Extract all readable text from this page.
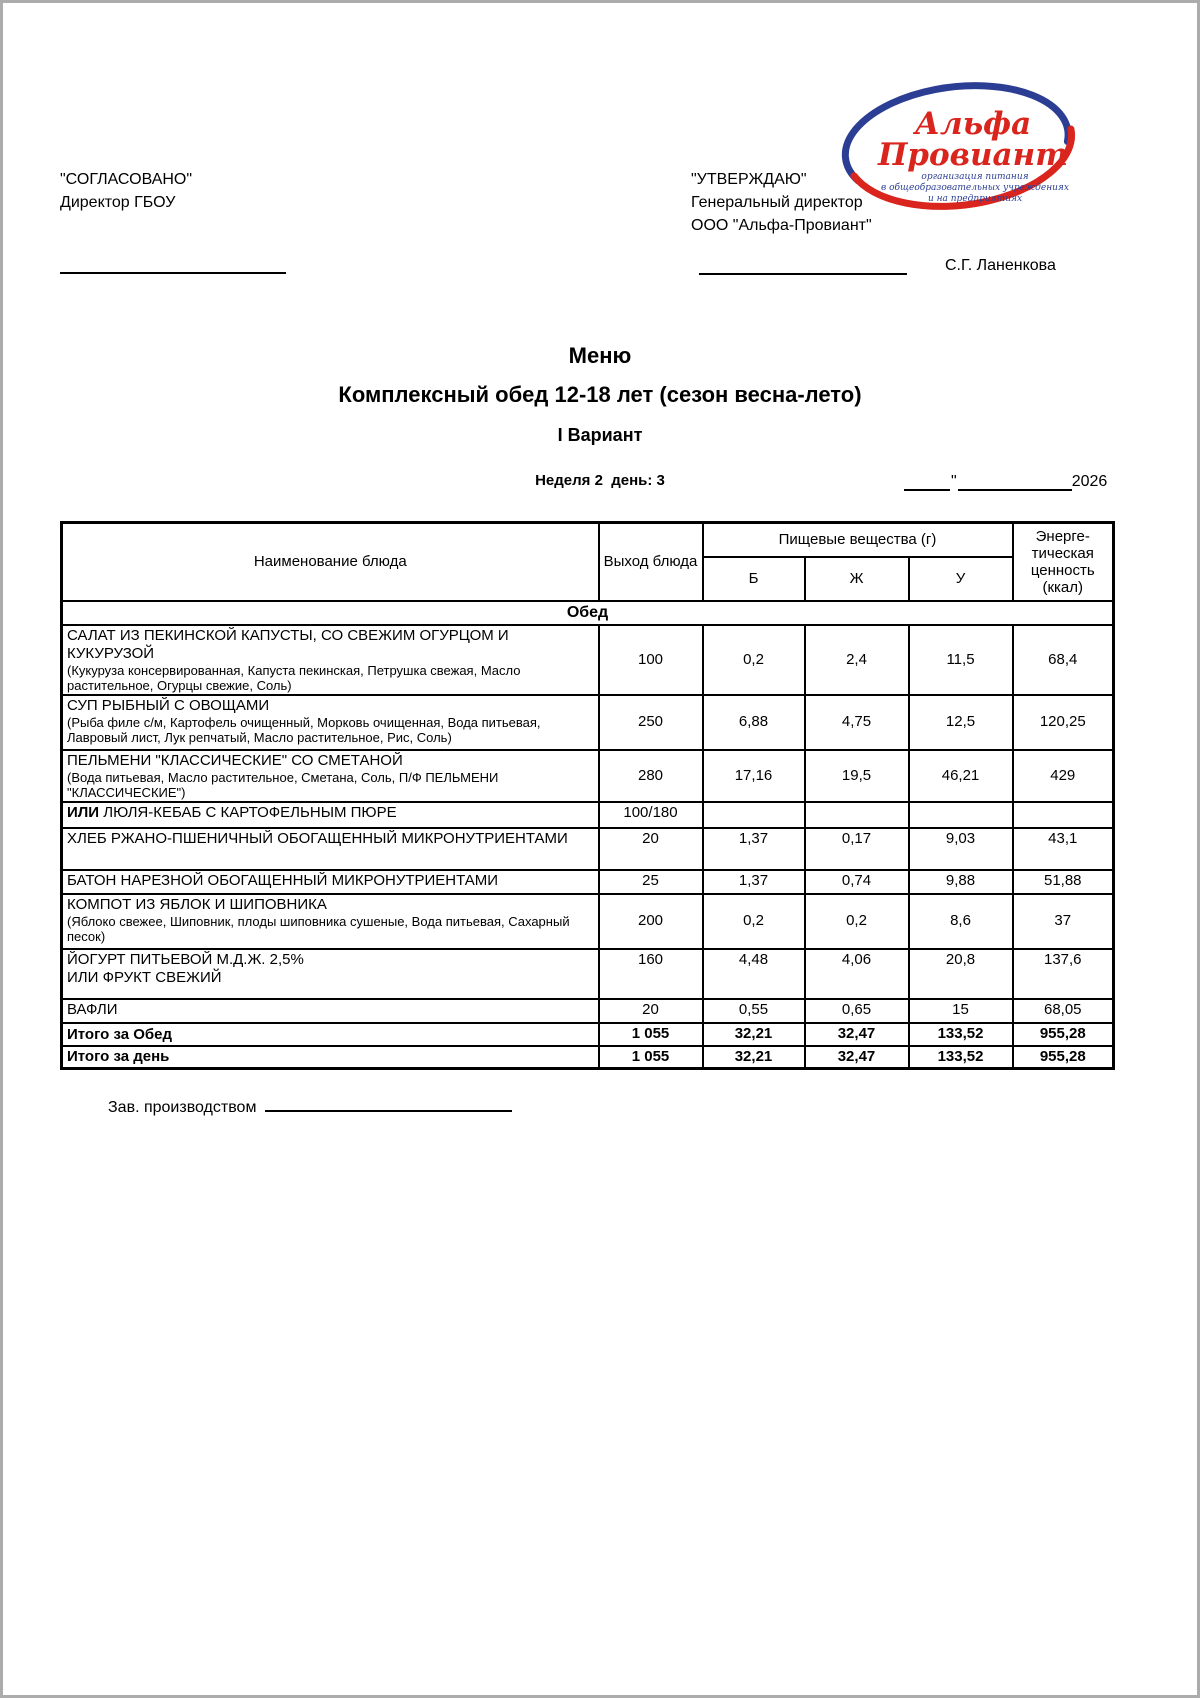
Альфа
Провиант
организация питания
в общеобразовательных учреждениях
и на предприятиях
"СОГЛАСОВАНО"
Директор ГБОУ
"УТВЕРЖДАЮ"
Генеральный директор
ООО "Альфа-Провиант"
С.Г. Ланенкова
Меню
Комплексный обед 12-18 лет (сезон весна-лето)
I Вариант
Неделя 2  день: 3	"	2026
Наименование блюда	Выход блюда	Пищевые вещества (г)			Энерге-тическая ценность (ккал)
		Б	Ж	У	
Обед					

САЛАТ ИЗ ПЕКИНСКОЙ КАПУСТЫ, СО СВЕЖИМ ОГУРЦОМ И КУКУРУЗОЙ
(Кукуруза консервированная, Капуста пекинская, Петрушка свежая, Масло растительное, Огурцы свежие, Соль)	100	0,2	2,4	11,5	68,4

СУП РЫБНЫЙ С ОВОЩАМИ
(Рыба филе с/м, Картофель очищенный, Морковь очищенная, Вода питьевая, Лавровый лист, Лук репчатый, Масло растительное, Рис, Соль)	250	6,88	4,75	12,5	120,25

ПЕЛЬМЕНИ "КЛАССИЧЕСКИЕ" СО СМЕТАНОЙ
(Вода питьевая, Масло растительное, Сметана, Соль, П/Ф ПЕЛЬМЕНИ "КЛАССИЧЕСКИЕ")	280	17,16	19,5	46,21	429

ИЛИ ЛЮЛЯ-КЕБАБ С КАРТОФЕЛЬНЫМ ПЮРЕ	100/180				

ХЛЕБ РЖАНО-ПШЕНИЧНЫЙ ОБОГАЩЕННЫЙ МИКРОНУТРИЕНТАМИ	20	1,37	0,17	9,03	43,1

БАТОН НАРЕЗНОЙ ОБОГАЩЕННЫЙ МИКРОНУТРИЕНТАМИ	25	1,37	0,74	9,88	51,88

КОМПОТ ИЗ ЯБЛОК И ШИПОВНИКА
(Яблоко свежее, Шиповник, плоды шиповника сушеные, Вода питьевая, Сахарный песок)	200	0,2	0,2	8,6	37

ЙОГУРТ ПИТЬЕВОЙ М.Д.Ж. 2,5%
ИЛИ ФРУКТ СВЕЖИЙ	160	4,48	4,06	20,8	137,6

ВАФЛИ	20	0,55	0,65	15	68,05
Итого за Обед	1 055	32,21	32,47	133,52	955,28
Итого за день	1 055	32,21	32,47	133,52	955,28
Зав. производством
